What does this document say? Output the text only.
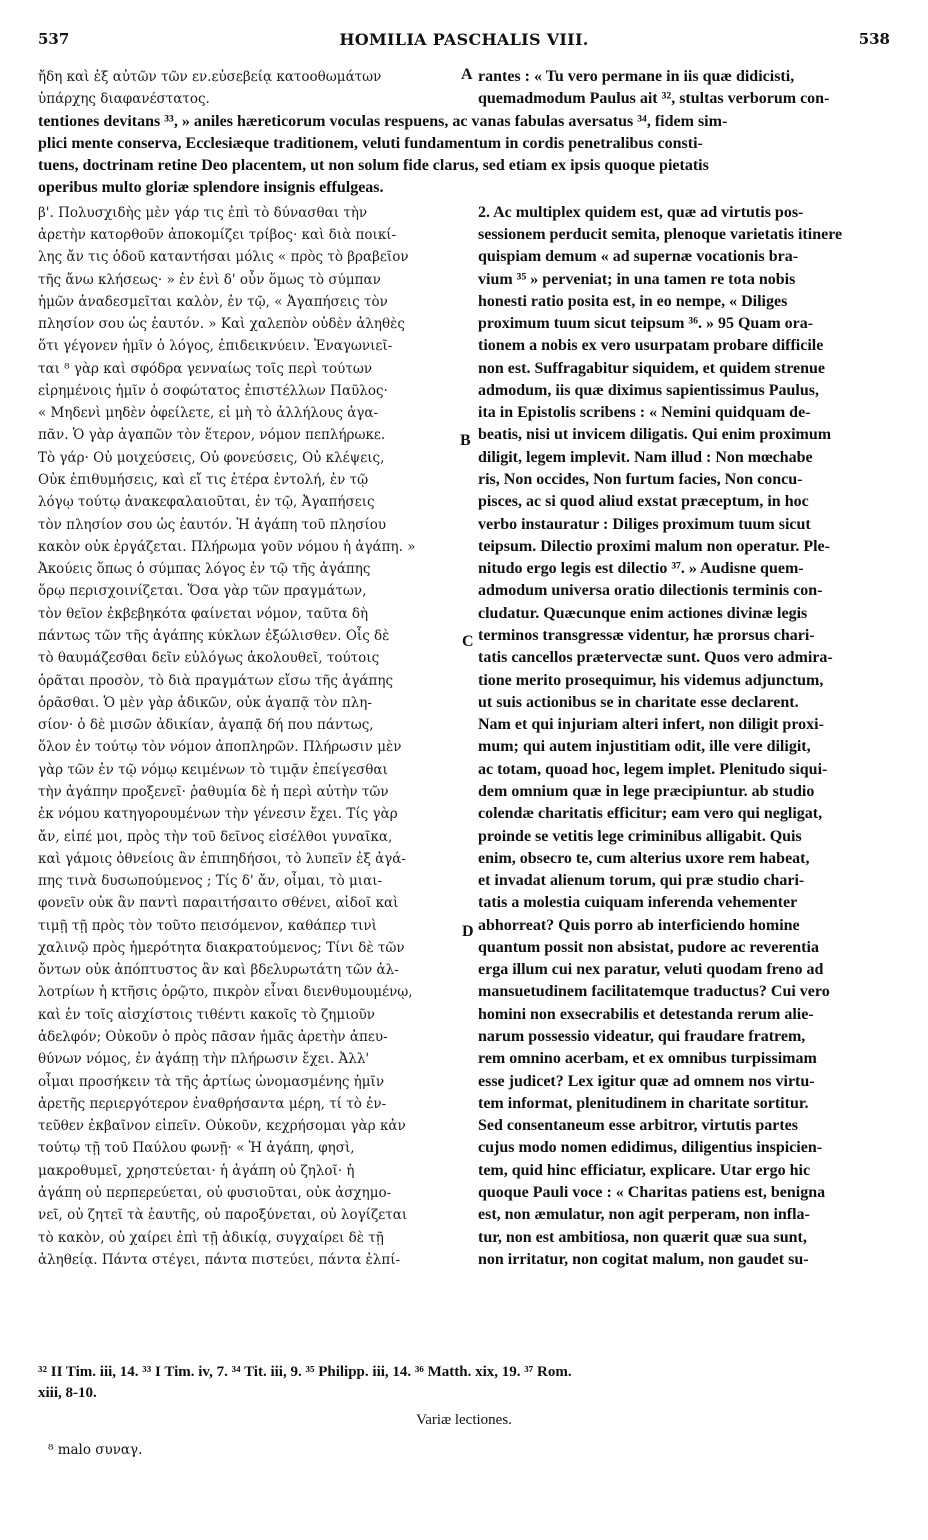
537	HOMILIA PASCHALIS VIII.	538
ἤδη καὶ ἐξ αὐτῶν τῶν εν.εὐσεβείᾳ κατοοθωμάτων
ὑπάρχης διαφανέστατος.
rantes : « Tu vero permane in iis quæ didicisti,
quemadmodum Paulus ait ³², stultas verborum con-
tentiones devitans ³³, » aniles hæreticorum voculas respuens, ac vanas fabulas aversatus ³⁴, fidem sim-
plici mente conserva, Ecclesiæque traditionem, veluti fundamentum in cordis penetralibus consti-
tuens, doctrinam retine Deo placentem, ut non solum fide clarus, sed etiam ex ipsis quoque pietatis
operibus multo gloriæ splendore insignis effulgeas.
β'. Πολυσχιδὴς μὲν γάρ τις ἐπὶ τὸ δύνασθαι τὴν
ἀρετὴν κατορθοῦν ἀποκομίζει τρίβος· καὶ διὰ ποικί-
λης ἄν τις ὁδοῦ καταντήσαι μόλις « πρὸς τὸ βραβεῖον
τῆς ἄνω κλήσεως· » ἐν ἑνὶ δ' οὖν ὅμως τὸ σύμπαν
ἡμῶν ἀναδεσμεῖται καλὸν, ἐν τῷ, « Ἀγαπήσεις τὸν
πλησίον σου ὡς ἑαυτόν. » Καὶ χαλεπὸν οὐδὲν ἀληθὲς
ὅτι γέγονεν ἡμῖν ὁ λόγος, ἐπιδεικνύειν. Ἐναγωνιεῖ-
ται ⁸ γὰρ καὶ σφόδρα γενναίως τοῖς περὶ τούτων
εἰρημένοις ἡμῖν ὁ σοφώτατος ἐπιστέλλων Παῦλος·
« Μηδενὶ μηδὲν ὀφείλετε, εἰ μὴ τὸ ἀλλήλους ἀγα-
πᾶν. Ὁ γὰρ ἀγαπῶν τὸν ἕτερον, νόμον πεπλήρωκε.
Τὸ γάρ· Οὐ μοιχεύσεις, Οὐ φονεύσεις, Οὐ κλέψεις,
Οὐκ ἐπιθυμήσεις, καὶ εἴ τις ἑτέρα ἐντολή, ἐν τῷ
λόγῳ τούτῳ ἀνακεφαλαιοῦται, ἐν τῷ, Ἀγαπήσεις
τὸν πλησίον σου ὡς ἑαυτόν. Ἡ ἀγάπη τοῦ πλησίου
κακὸν οὐκ ἐργάζεται. Πλήρωμα γοῦν νόμου ἡ ἀγάπη. »
Ἀκούεις ὅπως ὁ σύμπας λόγος ἐν τῷ τῆς ἀγάπης
ὅρῳ περισχοινίζεται. Ὅσα γὰρ τῶν πραγμάτων,
τὸν θεῖον ἐκβεβηκότα φαίνεται νόμον, ταῦτα δὴ
πάντως τῶν τῆς ἀγάπης κύκλων ἐξώλισθεν. Οἷς δὲ
τὸ θαυμάζεσθαι δεῖν εὐλόγως ἀκολουθεῖ, τούτοις
ὁρᾶται προσὸν, τὸ διὰ πραγμάτων εἴσω τῆς ἀγάπης
ὁρᾶσθαι. Ὁ μὲν γὰρ ἀδικῶν, οὐκ ἀγαπᾷ τὸν πλη-
σίον· ὁ δὲ μισῶν ἀδικίαν, ἀγαπᾷ δή που πάντως,
ὅλον ἐν τούτῳ τὸν νόμον ἀποπληρῶν. Πλήρωσιν μὲν
γὰρ τῶν ἐν τῷ νόμῳ κειμένων τὸ τιμᾷν ἐπείγεσθαι
τὴν ἀγάπην προξενεῖ· ῥαθυμία δὲ ἡ περὶ αὐτὴν τῶν
ἐκ νόμου κατηγορουμένων τὴν γένεσιν ἔχει. Τίς γὰρ
ἄν, εἰπέ μοι, πρὸς τὴν τοῦ δεῖνος εἰσέλθοι γυναῖκα,
καὶ γάμοις ὀθνείοις ἂν ἐπιπηδήσοι, τὸ λυπεῖν ἐξ ἀγά-
πης τινὰ δυσωπούμενος ; Τίς δ' ἄν, οἶμαι, τὸ μιαι-
φονεῖν οὐκ ἂν παντὶ παραιτήσαιτο σθένει, αἰδοῖ καὶ
τιμῇ τῇ πρὸς τὸν τοῦτο πεισόμενον, καθάπερ τινὶ
χαλινῷ πρὸς ἡμερότητα διακρατούμενος; Τίνι δὲ τῶν
ὄντων οὐκ ἀπόπτυστος ἂν καὶ βδελυρωτάτη τῶν ἀλ-
λοτρίων ἡ κτῆσις ὀρῷτο, πικρὸν εἶναι διενθυμουμένῳ,
καὶ ἐν τοῖς αἰσχίστοις τιθέντι κακοῖς τὸ ζημιοῦν
ἀδελφόν; Οὐκοῦν ὁ πρὸς πᾶσαν ἡμᾶς ἀρετὴν ἀπευ-
θύνων νόμος, ἐν ἀγάπῃ τὴν πλήρωσιν ἔχει. Ἀλλ'
οἶμαι προσήκειν τὰ τῆς ἀρτίως ὠνομασμένης ἡμῖν
ἀρετῆς περιεργότερον ἐναθρήσαντα μέρη, τί τὸ ἐν-
τεῦθεν ἐκβαῖνον εἰπεῖν. Οὐκοῦν, κεχρήσομαι γὰρ κἀν
τούτῳ τῇ τοῦ Παύλου φωνῇ· « Ἡ ἀγάπη, φησὶ,
μακροθυμεῖ, χρηστεύεται· ἡ ἀγάπη οὐ ζηλοῖ· ἡ
ἀγάπη οὐ περπερεύεται, οὐ φυσιοῦται, οὐκ ἀσχημο-
νεῖ, οὐ ζητεῖ τὰ ἑαυτῆς, οὐ παροξύνεται, οὐ λογίζεται
τὸ κακὸν, οὐ χαίρει ἐπὶ τῇ ἀδικίᾳ, συγχαίρει δὲ τῇ
ἀληθείᾳ. Πάντα στέγει, πάντα πιστεύει, πάντα ἐλπί-
2. Ac multiplex quidem est, quæ ad virtutis pos-
sessionem perducit semita, plenoque varietatis itinere
quispiam demum « ad supernæ vocationis bra-
vium ³⁵ » perveniat; in una tamen re tota nobis
honesti ratio posita est, in eo nempe, « Diliges
proximum tuum sicut teipsum ³⁶. » 95 Quam ora-
tionem a nobis ex vero usurpatam probare difficile
non est. Suffragabitur siquidem, et quidem strenue
admodum, iis quæ diximus sapientissimus Paulus,
ita in Epistolis scribens : « Nemini quidquam de-
beatis, nisi ut invicem diligatis. Qui enim proximum
diligit, legem implevit. Nam illud : Non mœchabe
ris, Non occides, Non furtum facies, Non concu-
pisces, ac si quod aliud exstat præceptum, in hoc
verbo instauratur : Diliges proximum tuum sicut
teipsum. Dilectio proximi malum non operatur. Ple-
nitudo ergo legis est dilectio ³⁷. » Audisne quem-
admodum universa oratio dilectionis terminis con-
cludatur. Quæcunque enim actiones divinæ legis
terminos transgressæ videntur, hæ prorsus chari-
tatis cancellos prætervectæ sunt. Quos vero admira-
tione merito prosequimur, his videmus adjunctum,
ut suis actionibus se in charitate esse declarent.
Nam et qui injuriam alteri infert, non diligit proxi-
mum; qui autem injustitiam odit, ille vere diligit,
ac totam, quoad hoc, legem implet. Plenitudo siqui-
dem omnium quæ in lege præcipiuntur. ab studio
colendæ charitatis efficitur; eam vero qui negligat,
proinde se vetitis lege criminibus alligabit. Quis
enim, obsecro te, cum alterius uxore rem habeat,
et invadat alienum torum, qui præ studio chari-
tatis a molestia cuiquam inferenda vehementer
abhorreat? Quis porro ab interficiendo homine
quantum possit non absistat, pudore ac reverentia
erga illum cui nex paratur, veluti quodam freno ad
mansuetudinem facilitatemque traductus? Cui vero
homini non exsecrabilis et detestanda rerum alie-
narum possessio videatur, qui fraudare fratrem,
rem omnino acerbam, et ex omnibus turpissimam
esse judicet? Lex igitur quæ ad omnem nos virtu-
tem informat, plenitudinem in charitate sortitur.
Sed consentaneum esse arbitror, virtutis partes
cujus modo nomen edidimus, diligentius inspicien-
tem, quid hinc efficiatur, explicare. Utar ergo hic
quoque Pauli voce : « Charitas patiens est, benigna
est, non æmulatur, non agit perperam, non infla-
tur, non est ambitiosa, non quærit quæ sua sunt,
non irritatur, non cogitat malum, non gaudet su-
A
B
C
D
³² II Tim. iii, 14. ³³ I Tim. iv, 7. ³⁴ Tit. iii, 9. ³⁵ Philipp. iii, 14. ³⁶ Matth. xix, 19. ³⁷ Rom.
xiii, 8-10.
Variæ lectiones.
⁸ malo συναγ.
